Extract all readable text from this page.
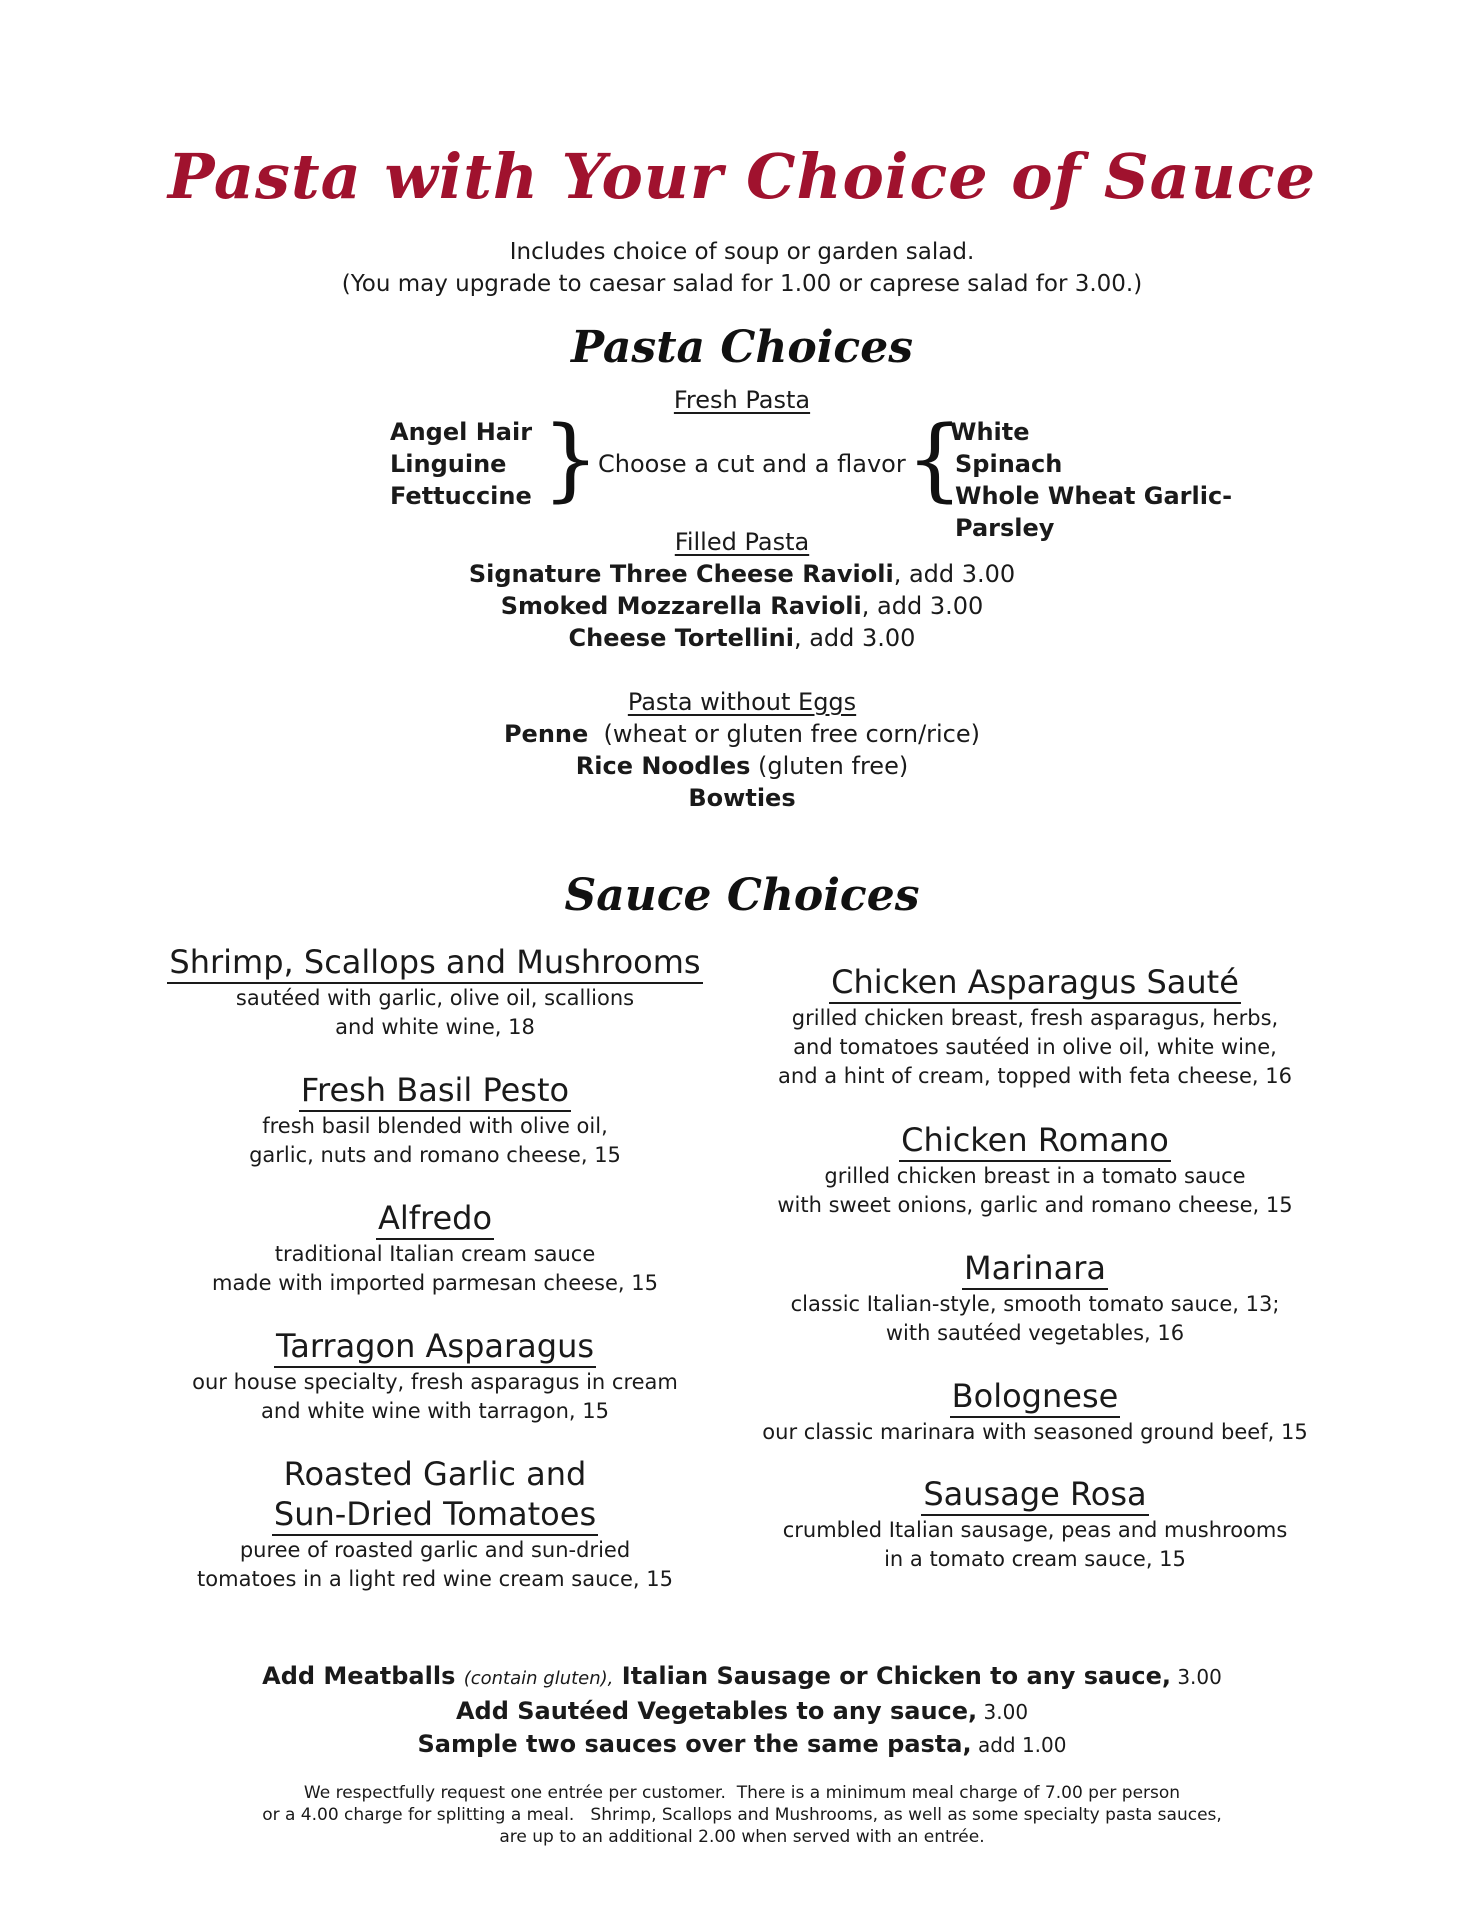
Pasta with Your Choice of Sauce
Includes choice of soup or garden salad.
(You may upgrade to caesar salad for 1.00 or caprese salad for 3.00.)
Pasta Choices
Fresh Pasta
Angel Hair
Linguine
Fettuccine }
Choose a cut and a flavor {
White
Spinach
Whole Wheat Garlic-Parsley
Filled Pasta
Signature Three Cheese Ravioli, add 3.00
Smoked Mozzarella Ravioli, add 3.00
Cheese Tortellini, add 3.00
Pasta without Eggs
Penne  (wheat or gluten free corn/rice)
Rice Noodles (gluten free)
Bowties
Sauce Choices
Shrimp, Scallops and Mushrooms
sautéed with garlic, olive oil, scallions
and white wine, 18
Fresh Basil Pesto
fresh basil blended with olive oil,
garlic, nuts and romano cheese, 15
Alfredo
traditional Italian cream sauce
made with imported parmesan cheese, 15
Tarragon Asparagus
our house specialty, fresh asparagus in cream
and white wine with tarragon, 15
Roasted Garlic and
Sun-Dried Tomatoes
puree of roasted garlic and sun-dried
tomatoes in a light red wine cream sauce, 15
Chicken Asparagus Sauté
grilled chicken breast, fresh asparagus, herbs,
and tomatoes sautéed in olive oil, white wine,
and a hint of cream, topped with feta cheese, 16
Chicken Romano
grilled chicken breast in a tomato sauce
with sweet onions, garlic and romano cheese, 15
Marinara
classic Italian-style, smooth tomato sauce, 13;
with sautéed vegetables, 16
Bolognese
our classic marinara with seasoned ground beef, 15
Sausage Rosa
crumbled Italian sausage, peas and mushrooms
in a tomato cream sauce, 15
Add Meatballs (contain gluten), Italian Sausage or Chicken to any sauce, 3.00
Add Sautéed Vegetables to any sauce, 3.00
Sample two sauces over the same pasta, add 1.00
We respectfully request one entrée per customer.  There is a minimum meal charge of 7.00 per person
or a 4.00 charge for splitting a meal.   Shrimp, Scallops and Mushrooms, as well as some specialty pasta sauces,
are up to an additional 2.00 when served with an entrée.
